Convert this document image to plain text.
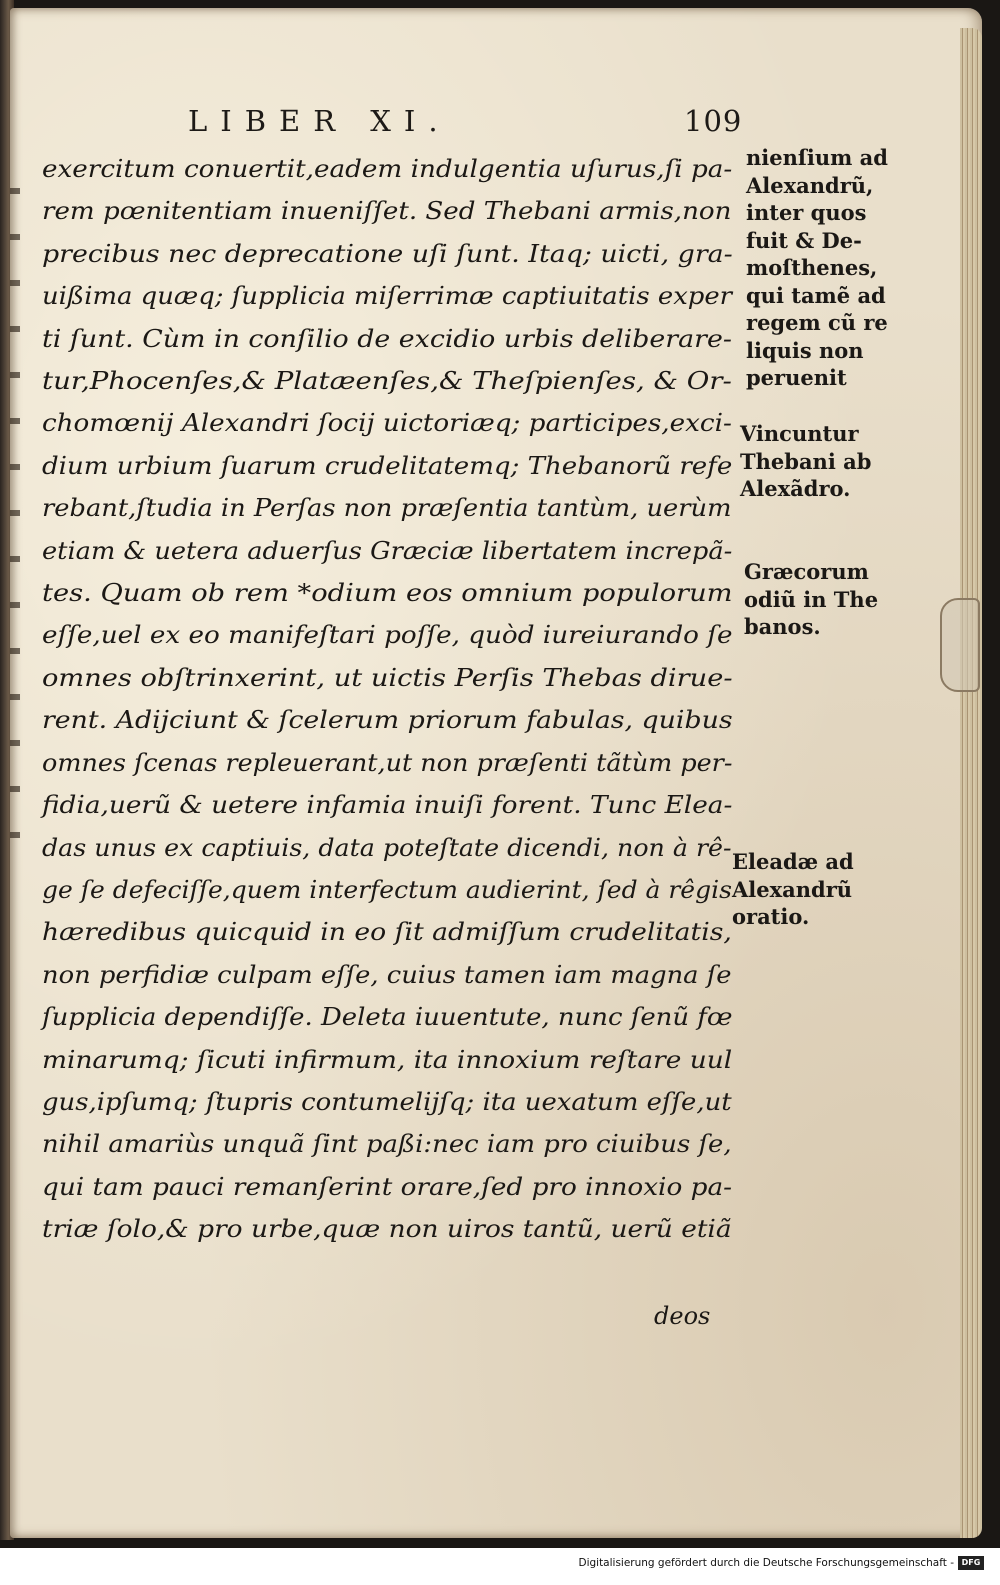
LIBER XI.	109
exercitum conuertit,eadem indulgentia uſurus,ſi pa-
rem pœnitentiam inueniſſet. Sed Thebani armis,non
precibus nec deprecatione uſi ſunt. Itaq; uicti, gra-
uißima quæq; ſupplicia miſerrimæ captiuitatis exper
ti ſunt. Cùm in conſilio de excidio urbis deliberare-
tur,Phocenſes,& Platæenſes,& Theſpienſes, & Or-
chomœnij Alexandri ſocij uictoriæq; participes,exci-
dium urbium ſuarum crudelitatemq; Thebanorũ refe
rebant,ſtudia in Perſas non præſentia tantùm, uerùm
etiam & uetera aduerſus Græciæ libertatem increpã-
tes. Quam ob rem *odium eos omnium populorum
eſſe,uel ex eo manifeſtari poſſe, quòd iureiurando ſe
omnes obſtrinxerint, ut uictis Perſis Thebas dirue-
rent. Adijciunt & ſcelerum priorum fabulas, quibus
omnes ſcenas repleuerant,ut non præſenti tãtùm per-
fidia,uerũ & uetere infamia inuiſi forent. Tunc Elea-
das unus ex captiuis, data poteſtate dicendi, non à rê-
ge ſe defeciſſe,quem interfectum audierint, ſed à rêgis
hæredibus quicquid in eo ſit admiſſum crudelitatis,
non perfidiæ culpam eſſe, cuius tamen iam magna ſe
ſupplicia dependiſſe. Deleta iuuentute, nunc ſenũ fœ
minarumq; ſicuti infirmum, ita innoxium reſtare uul
gus,ipſumq; ſtupris contumelijſq; ita uexatum eſſe,ut
nihil amariùs unquã ſint paßi:nec iam pro ciuibus ſe,
qui tam pauci remanſerint orare,ſed pro innoxio pa-
triæ ſolo,& pro urbe,quæ non uiros tantũ, uerũ etiã
deos
nienſium ad
Alexandrũ,
inter quos
fuit & De-
moſthenes,
qui tamẽ ad
regem cũ re
liquis non
peruenit
Vincuntur
Thebani ab
Alexãdro.
Græcorum
odiũ in The
banos.
Eleadæ ad
Alexandrũ
oratio.
Digitalisierung gefördert durch die Deutsche Forschungsgemeinschaft - DFG
